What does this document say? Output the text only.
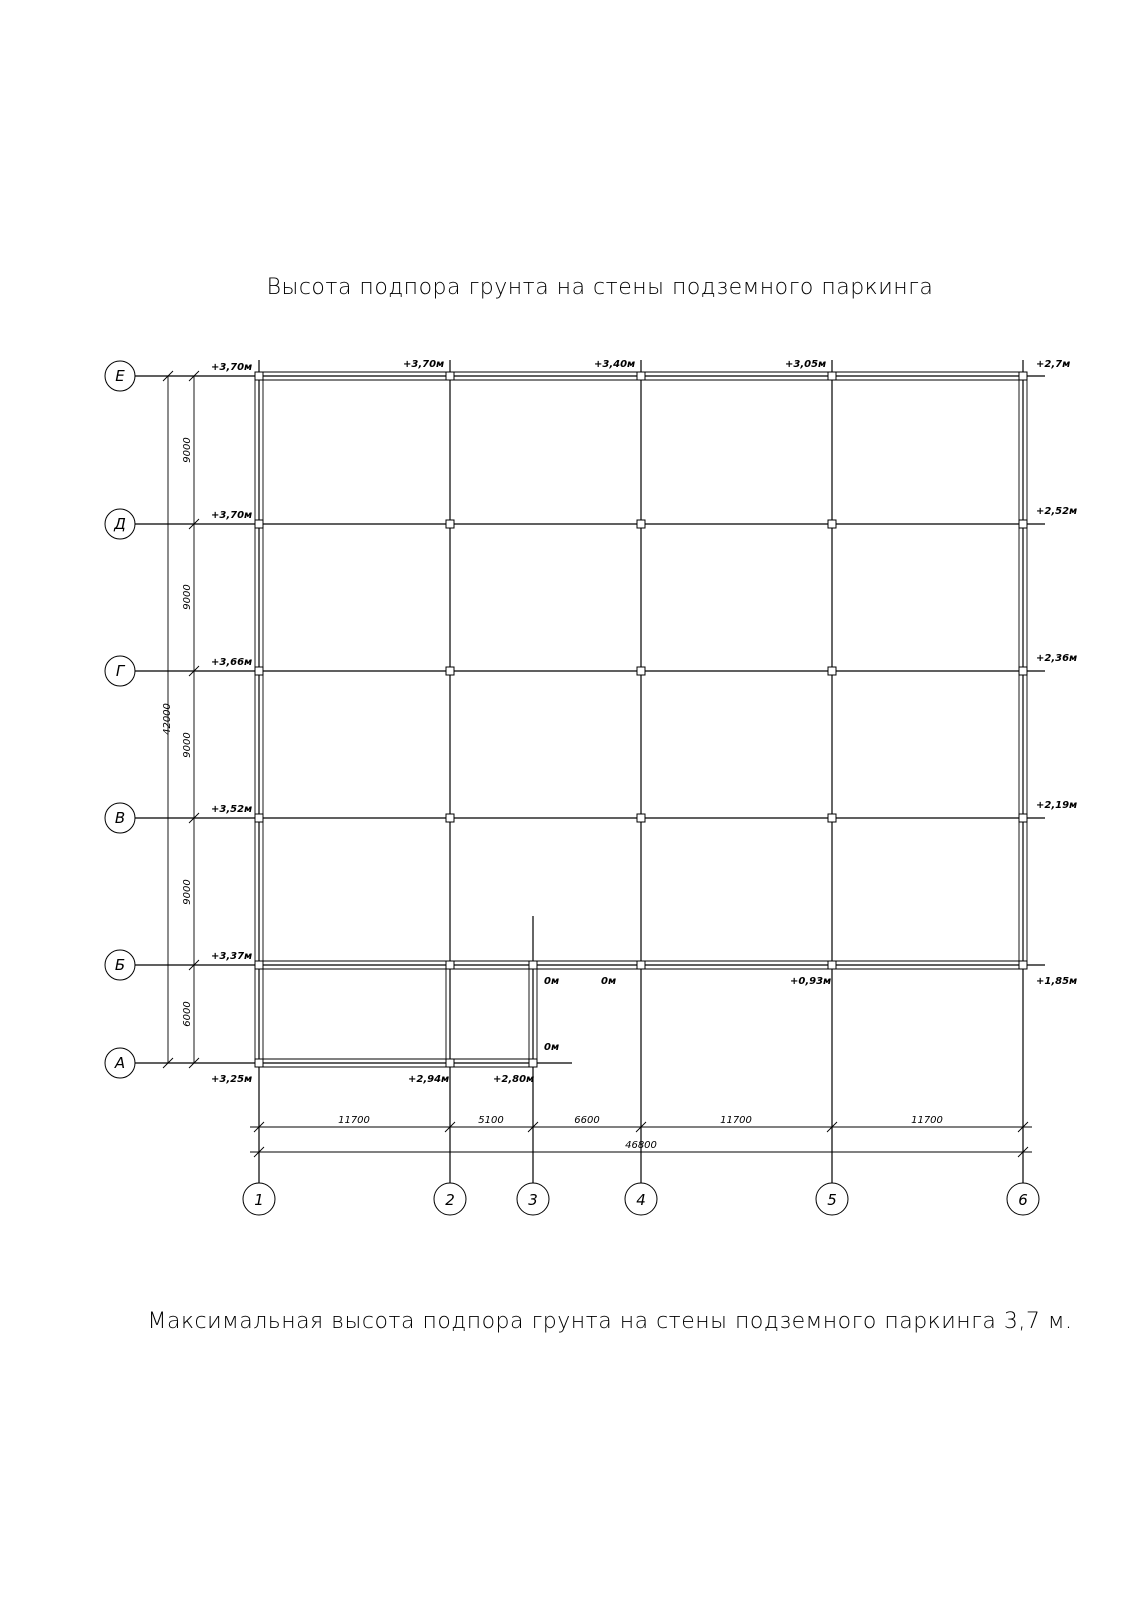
Высота подпора грунта на стены подземного паркинга
42000
9000
9000
9000
9000
6000
11700	5100	6600	11700	11700
46800
Е
Д
Г
В
Б
А
1	2	3	4	5	6
+3,70м	+3,70м	+3,40м	+3,05м	+2,7м
+3,70м	+2,52м
+3,66м	+2,36м
+3,52м	+2,19м
+3,37м
0м	0м	+0,93м	+1,85м
0м
+3,25м	+2,94м	+2,80м
Максимальная высота подпора грунта на стены подземного паркинга 3,7 м.
